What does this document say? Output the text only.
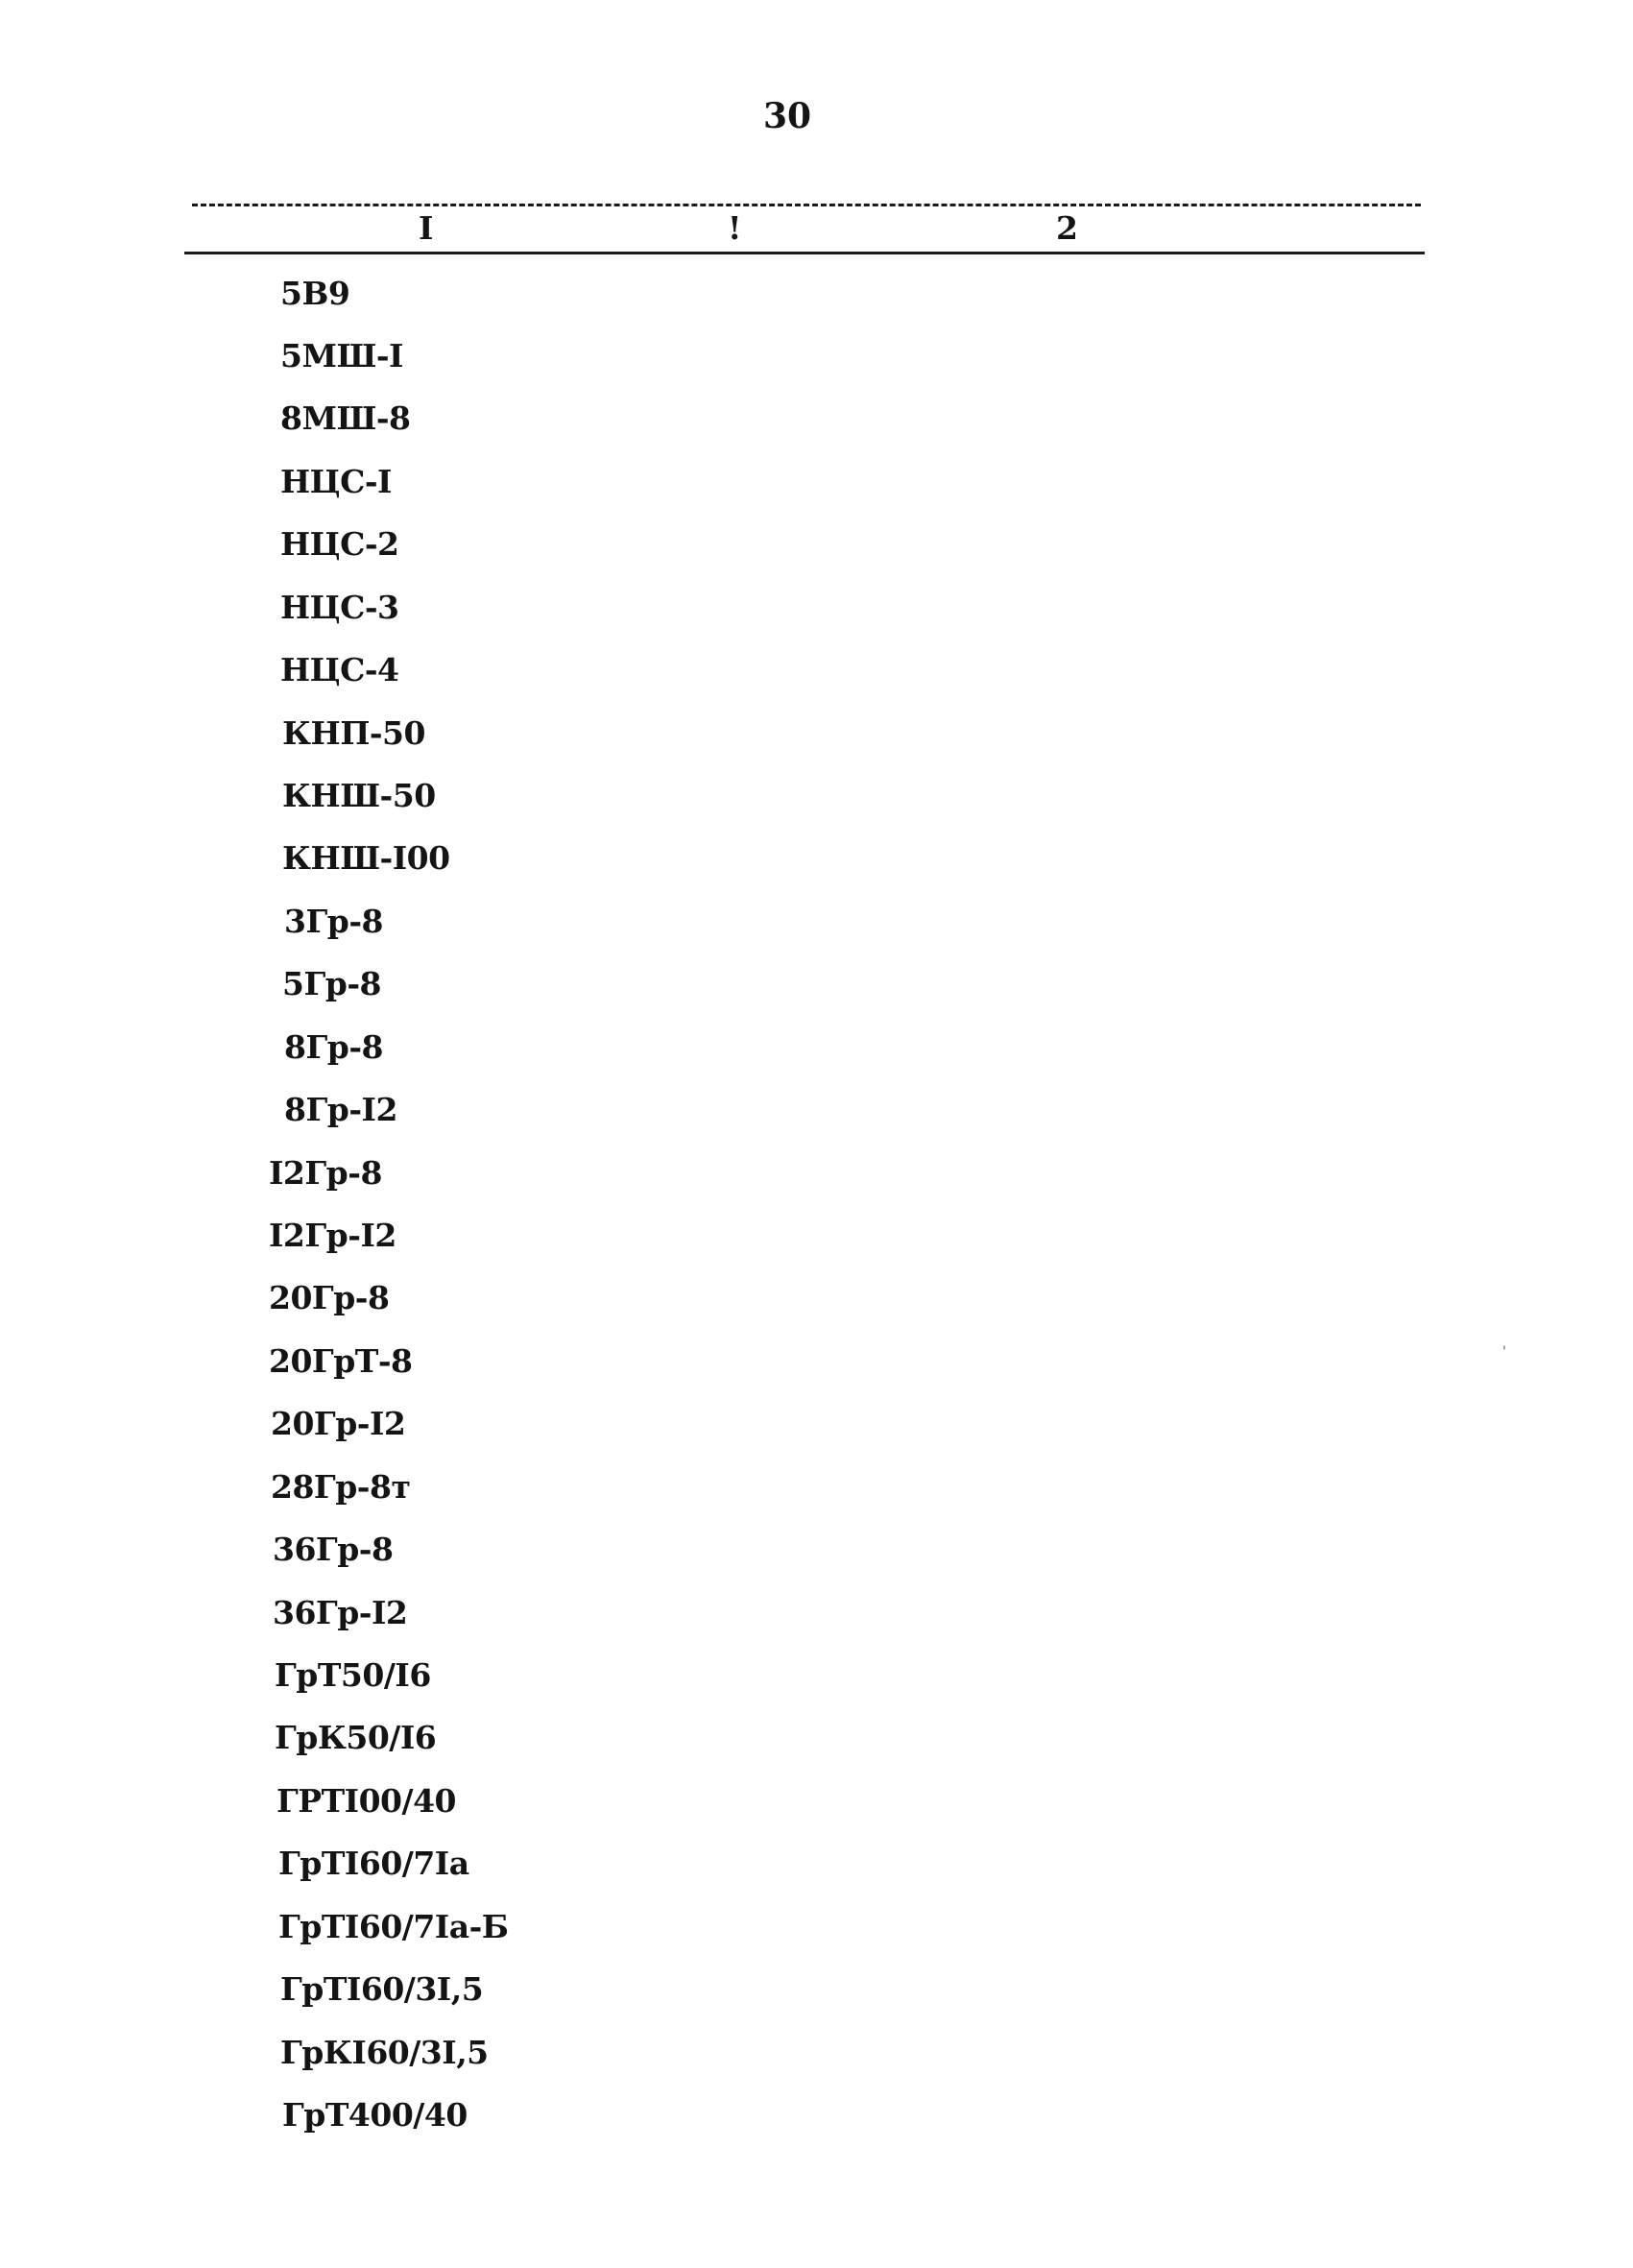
30
I	!	2
5B9
5МШ-I
8МШ-8
НЦС-I
НЦС-2
НЦС-3
НЦС-4
КНП-50
КНШ-50
КНШ-I00
3Гр-8
5Гр-8
8Гр-8
8Гр-I2
I2Гр-8
I2Гр-I2
20Гр-8
20ГрТ-8
20Гр-I2
28Гр-8т
36Гр-8
36Гр-I2
ГрТ50/I6
ГрК50/I6
ГРТI00/40
ГрТI60/7Iа
ГрТI60/7Iа-Б
ГрТI60/3I,5
ГрКI60/3I,5
ГрТ400/40
'
